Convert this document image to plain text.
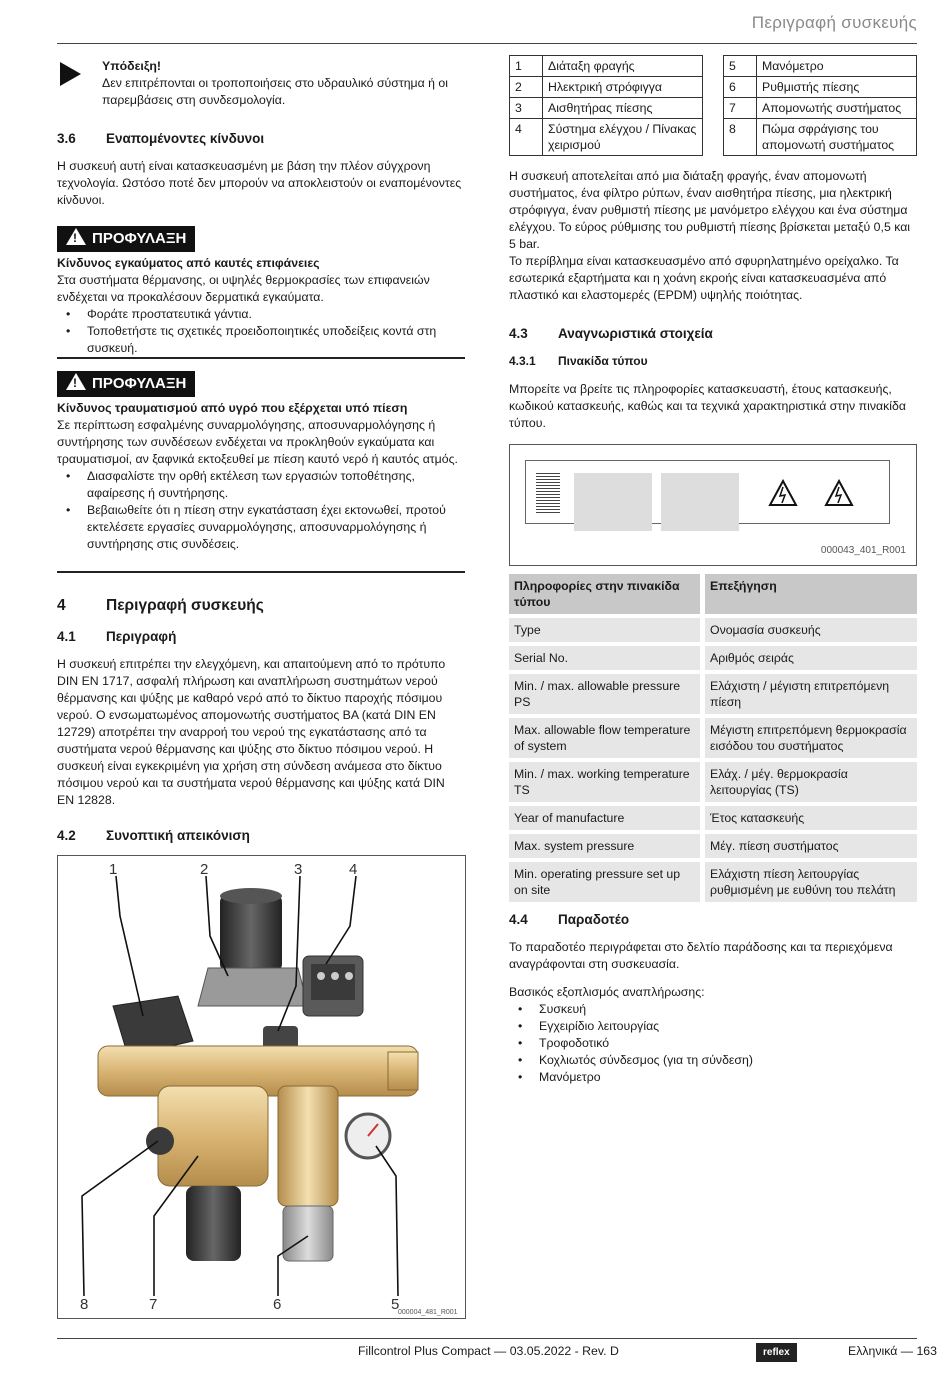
Περιγραφή συσκευής

Υπόδειξη!

Δεν επιτρέπονται οι τροποποιήσεις στο υδραυλικό σύστημα ή οι παρεμβάσεις στη συνδεσμολογία.

3.6 Εναπομένοντες κίνδυνοι

Η συσκευή αυτή είναι κατασκευασμένη με βάση την πλέον σύγχρονη τεχνολογία. Ωστόσο ποτέ δεν μπορούν να αποκλειστούν οι εναπομένοντες κίνδυνοι.

! ΠΡΟΦΥΛΑΞΗ

Κίνδυνος εγκαύματος από καυτές επιφάνειες

Στα συστήματα θέρμανσης, οι υψηλές θερμοκρασίες των επιφανειών ενδέχεται να προκαλέσουν δερματικά εγκαύματα.

• Φοράτε προστατευτικά γάντια.
• Τοποθετήστε τις σχετικές προειδοποιητικές υποδείξεις κοντά στη συσκευή.
! ΠΡΟΦΥΛΑΞΗ

Κίνδυνος τραυματισμού από υγρό που εξέρχεται υπό πίεση

Σε περίπτωση εσφαλμένης συναρμολόγησης, αποσυναρμολόγησης ή συντήρησης των συνδέσεων ενδέχεται να προκληθούν εγκαύματα και τραυματισμοί, αν ξαφνικά εκτοξευθεί με πίεση καυτό νερό ή καυτός ατμός.

• Διασφαλίστε την ορθή εκτέλεση των εργασιών τοποθέτησης, αφαίρεσης ή συντήρησης.
• Βεβαιωθείτε ότι η πίεση στην εγκατάσταση έχει εκτονωθεί, προτού εκτελέσετε εργασίες συναρμολόγησης, αποσυναρμολόγησης ή συντήρησης στις συνδέσεις.
4	Περιγραφή συσκευής
4.1 Περιγραφή

Η συσκευή επιτρέπει την ελεγχόμενη, και απαιτούμενη από το πρότυπο DIN EN 1717, ασφαλή πλήρωση και αναπλήρωση συστημάτων νερού θέρμανσης και ψύξης με καθαρό νερό από το δίκτυο παροχής πόσιμου νερού. Ο ενσωματωμένος απομονωτής συστήματος BA (κατά DIN EN 12729) αποτρέπει την αναρροή του νερού της εγκατάστασης από τα συστήματα νερού θέρμανσης και ψύξης στο δίκτυο πόσιμου νερού. Η συσκευή είναι εγκεκριμένη για χρήση στη σύνδεση ανάμεσα στο δίκτυο πόσιμου νερού και τα συστήματα νερού θέρμανσης και ψύξης κατά DIN EN 12828.

4.2 Συνοπτική απεικόνιση
1	2	3	4
8	7	6	5
000004_481_R001
1	Διάταξη φραγής
2	Ηλεκτρική στρόφιγγα
3	Αισθητήρας πίεσης
4	Σύστημα ελέγχου / Πίνακας χειρισμού
5	Μανόμετρο
6	Ρυθμιστής πίεσης
7	Απομονωτής συστήματος
8	Πώμα σφράγισης του απομονωτή συστήματος

Η συσκευή αποτελείται από μια διάταξη φραγής, έναν απομονωτή συστήματος, ένα φίλτρο ρύπων, έναν αισθητήρα πίεσης, μια ηλεκτρική στρόφιγγα, έναν ρυθμιστή πίεσης με μανόμετρο ελέγχου και ένα σύστημα ελέγχου. Το εύρος ρύθμισης του ρυθμιστή πίεσης βρίσκεται μεταξύ 0,5 και 5 bar.

Το περίβλημα είναι κατασκευασμένο από σφυρηλατημένο ορείχαλκο. Τα εσωτερικά εξαρτήματα και η χοάνη εκροής είναι κατασκευασμένα από πλαστικό και ελαστομερές (EPDM) υψηλής ποιότητας.

4.3 Αναγνωριστικά στοιχεία
4.3.1 Πινακίδα τύπου

Μπορείτε να βρείτε τις πληροφορίες κατασκευαστή, έτους κατασκευής, κωδικού κατασκευής, καθώς και τα τεχνικά χαρακτηριστικά στην πινακίδα τύπου.

000043_401_R001
Πληροφορίες στην πινακίδα τύπου	Επεξήγηση
Type	Ονομασία συσκευής
Serial No.	Αριθμός σειράς
Min. / max. allowable pressure PS	Ελάχιστη / μέγιστη επιτρεπόμενη πίεση
Max. allowable flow temperature of system	Μέγιστη επιτρεπόμενη θερμοκρασία εισόδου του συστήματος
Min. / max. working temperature TS	Ελάχ. / μέγ. θερμοκρασία λειτουργίας (TS)
Year of manufacture	Έτος κατασκευής
Max. system pressure	Μέγ. πίεση συστήματος
Min. operating pressure set up on site	Ελάχιστη πίεση λειτουργίας ρυθμισμένη με ευθύνη του πελάτη
4.4 Παραδοτέο

Το παραδοτέο περιγράφεται στο δελτίο παράδοσης και τα περιεχόμενα αναγράφονται στη συσκευασία.

Βασικός εξοπλισμός αναπλήρωσης:

• Συσκευή
• Εγχειρίδιο λειτουργίας
• Τροφοδοτικό
• Κοχλιωτός σύνδεσμος (για τη σύνδεση)
• Μανόμετρο
Fillcontrol Plus Compact — 03.05.2022 - Rev. D	reflex	Ελληνικά — 163
